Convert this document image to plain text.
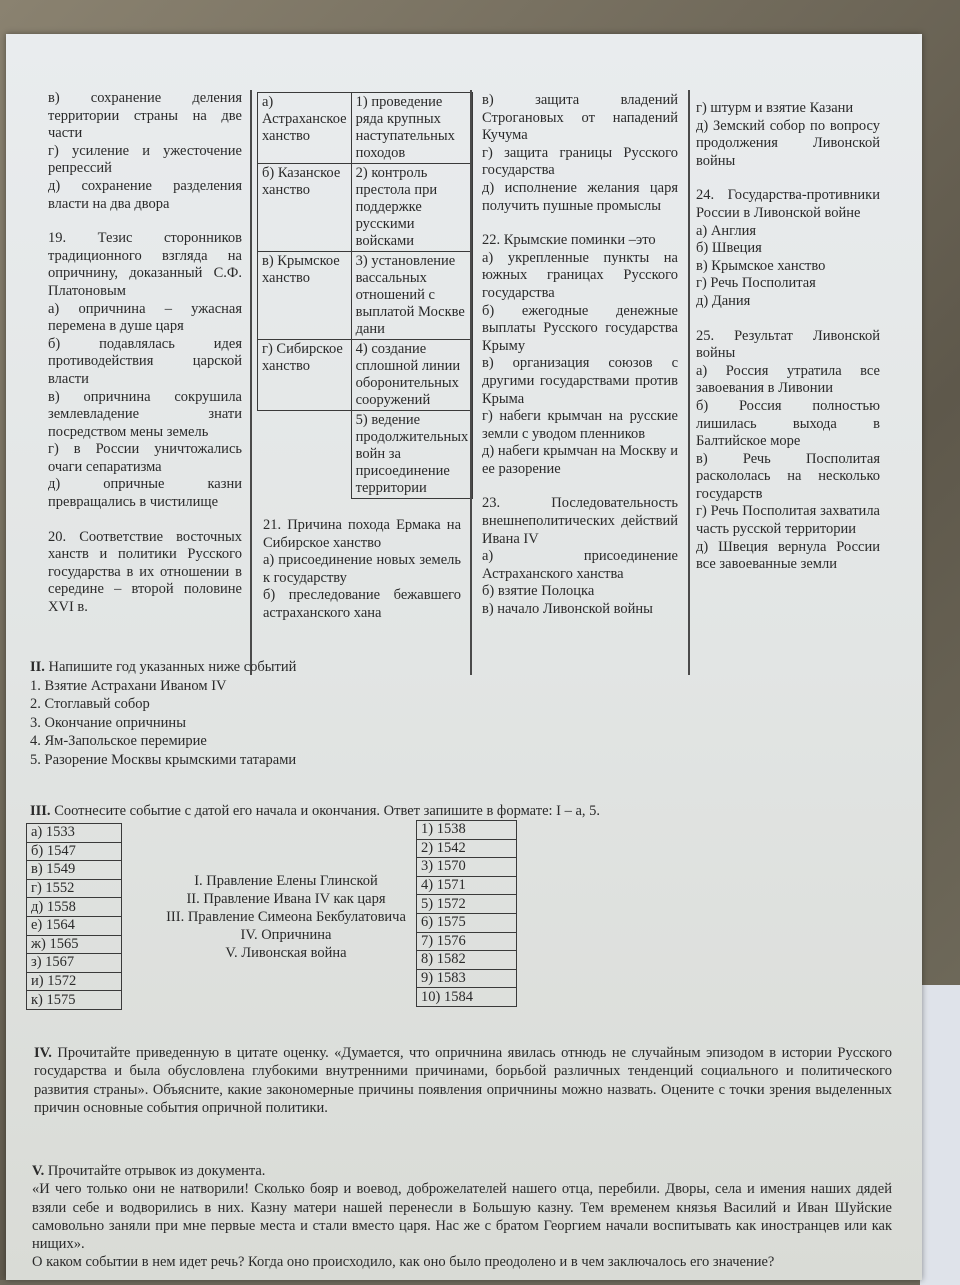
в) сохранение деления территории страны на две части

г) усиление и ужесточение репрессий

д) сохранение разделения власти на два двора

19. Тезис сторонников традиционного взгляда на опричнину, доказанный С.Ф. Платоновым

а) опричнина – ужасная перемена в душе царя

б) подавлялась идея противодействия царской власти

в) опричнина сокрушила землевладение знати посредством мены земель

г) в России уничтожались очаги сепаратизма

д) опричные казни превращались в чистилище

20. Соответствие восточных ханств и политики Русского государства в их отношении в середине – второй половине XVI в.

а) Астраханское ханство	1) проведение ряда крупных наступательных походов
б) Казанское ханство	2) контроль престола при поддержке русскими войсками
в) Крымское ханство	3) установление вассальных отношений с выплатой Москве дани
г) Сибирское ханство	4) создание сплошной линии оборонительных сооружений
	5) ведение продолжительных войн за присоединение территории

21. Причина похода Ермака на Сибирское ханство

а) присоединение новых земель к государству

б) преследование бежавшего астраханского хана

в) защита владений Строгановых от нападений Кучума

г) защита границы Русского государства

д) исполнение желания царя получить пушные промыслы

22. Крымские поминки –это

а) укрепленные пункты на южных границах Русского государства

б) ежегодные денежные выплаты Русского государства Крыму

в) организация союзов с другими государствами против Крыма

г) набеги крымчан на русские земли с уводом пленников

д) набеги крымчан на Москву и ее разорение

23. Последовательность внешнеполитических действий Ивана IV

а) присоединение Астраханского ханства

б) взятие Полоцка

в) начало Ливонской войны

г) штурм и взятие Казани

д) Земский собор по вопросу продолжения Ливонской войны

24. Государства-противники России в Ливонской войне

а) Англия

б) Швеция

в) Крымское ханство

г) Речь Посполитая

д) Дания

25. Результат Ливонской войны

а) Россия утратила все завоевания в Ливонии

б) Россия полностью лишилась выхода в Балтийское море

в) Речь Посполитая раскололась на несколько государств

г) Речь Посполитая захватила часть русской территории

д) Швеция вернула России все завоеванные земли

II. Напишите год указанных ниже событий
1. Взятие Астрахани Иваном IV
2. Стоглавый собор
3. Окончание опричнины
4. Ям-Запольское перемирие
5. Разорение Москвы крымскими татарами
III. Соотнесите событие с датой его начала и окончания. Ответ запишите в формате: I – а, 5.
а) 1533
б) 1547
в) 1549
г) 1552
д) 1558
е) 1564
ж) 1565
з) 1567
и) 1572
к) 1575
I. Правление Елены Глинской
II. Правление Ивана IV как царя
III. Правление Симеона Бекбулатовича
IV. Опричнина
V. Ливонская война
1) 1538
2) 1542
3) 1570
4) 1571
5) 1572
6) 1575
7) 1576
8) 1582
9) 1583
10) 1584
IV. Прочитайте приведенную в цитате оценку. «Думается, что опричнина явилась отнюдь не случайным эпизодом в истории Русского государства и была обусловлена глубокими внутренними причинами, борьбой различных тенденций социального и политического развития страны». Объясните, какие закономерные причины появления опричнины можно назвать. Оцените с точки зрения выделенных причин основные события опричной политики.
V. Прочитайте отрывок из документа.
«И чего только они не натворили! Сколько бояр и воевод, доброжелателей нашего отца, перебили. Дворы, села и имения наших дядей взяли себе и водворились в них. Казну матери нашей перенесли в Большую казну. Тем временем князья Василий и Иван Шуйские самовольно заняли при мне первые места и стали вместо царя. Нас же с братом Георгием начали воспитывать как иностранцев или как нищих».
О каком событии в нем идет речь? Когда оно происходило, как оно было преодолено и в чем заключалось его значение?
